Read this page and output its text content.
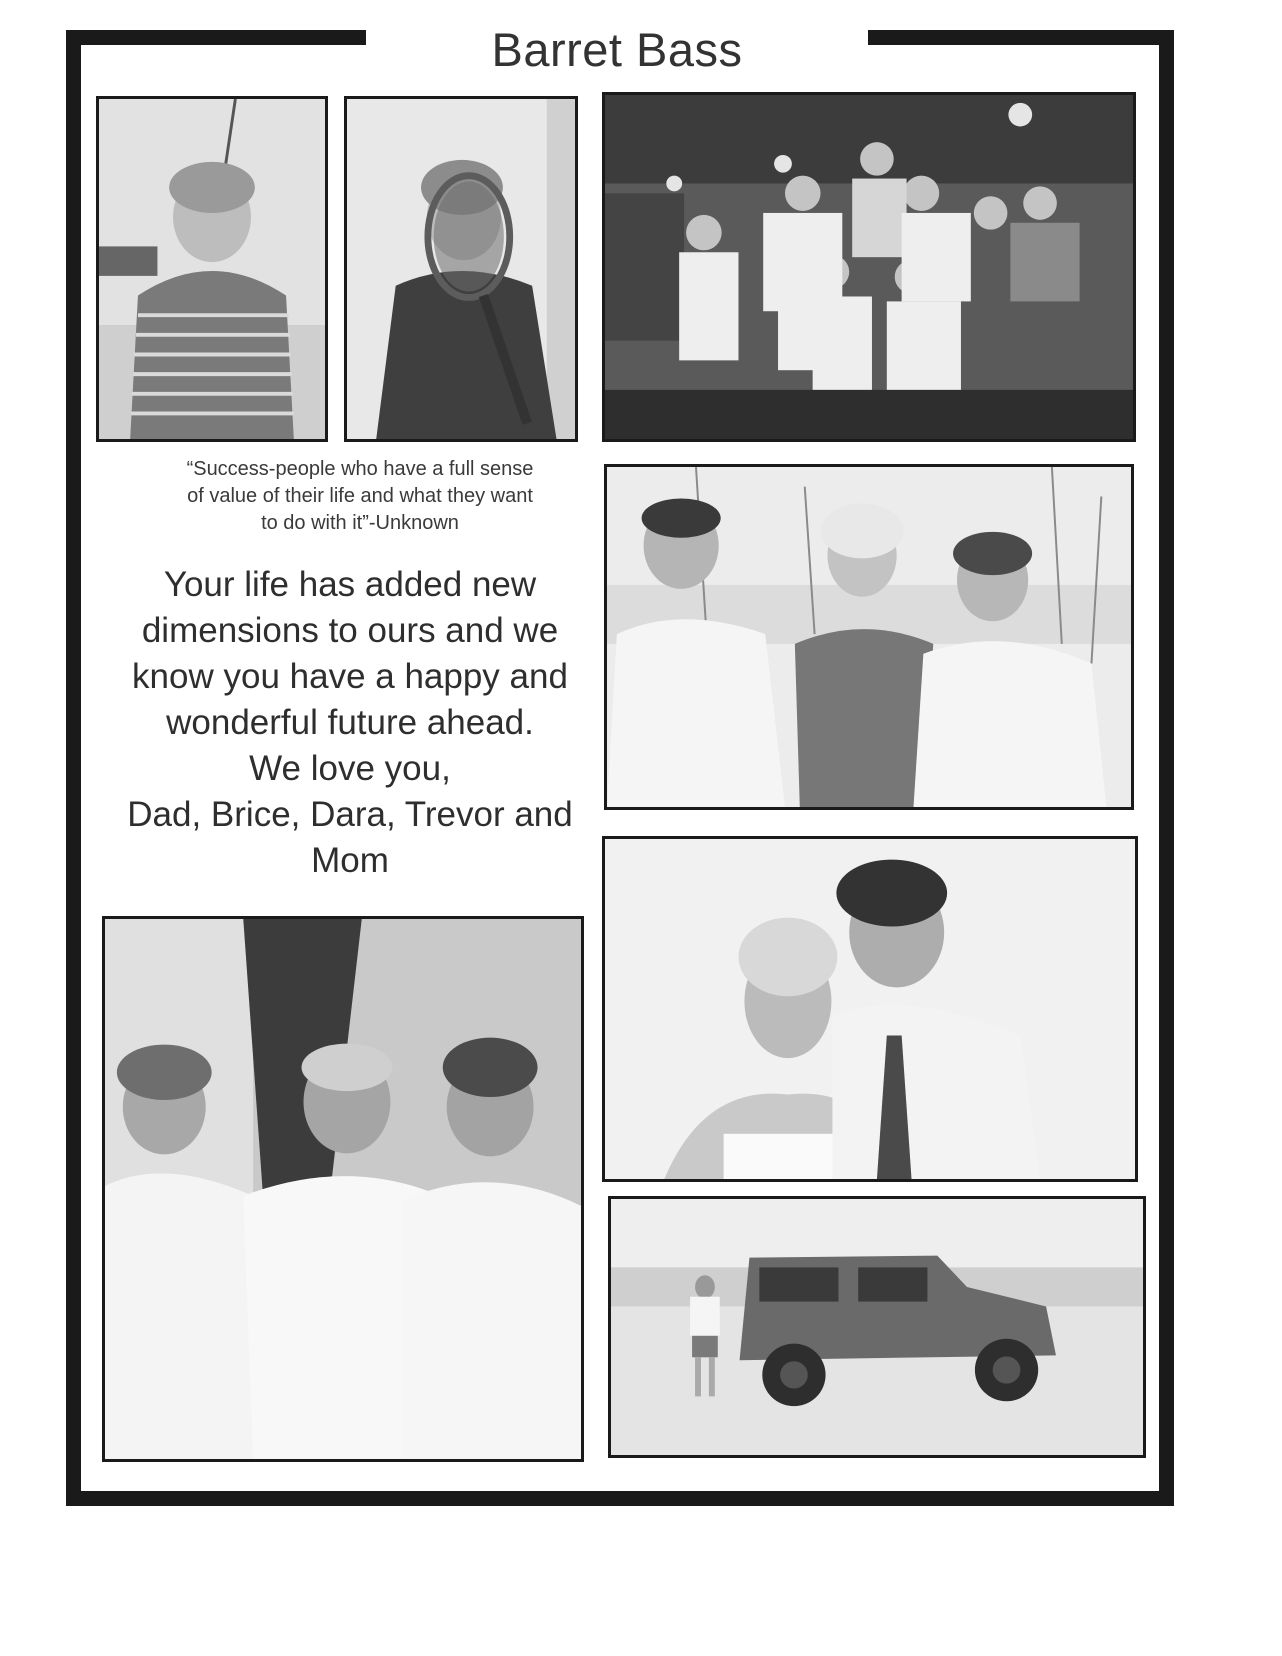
Barret Bass
“Success-people who have a full sense
of value of their life and what they want
to do with it”-Unknown
Your life has added new
dimensions to ours and we
know you have a happy and
wonderful future ahead.
We love you,
Dad, Brice, Dara, Trevor and
Mom
